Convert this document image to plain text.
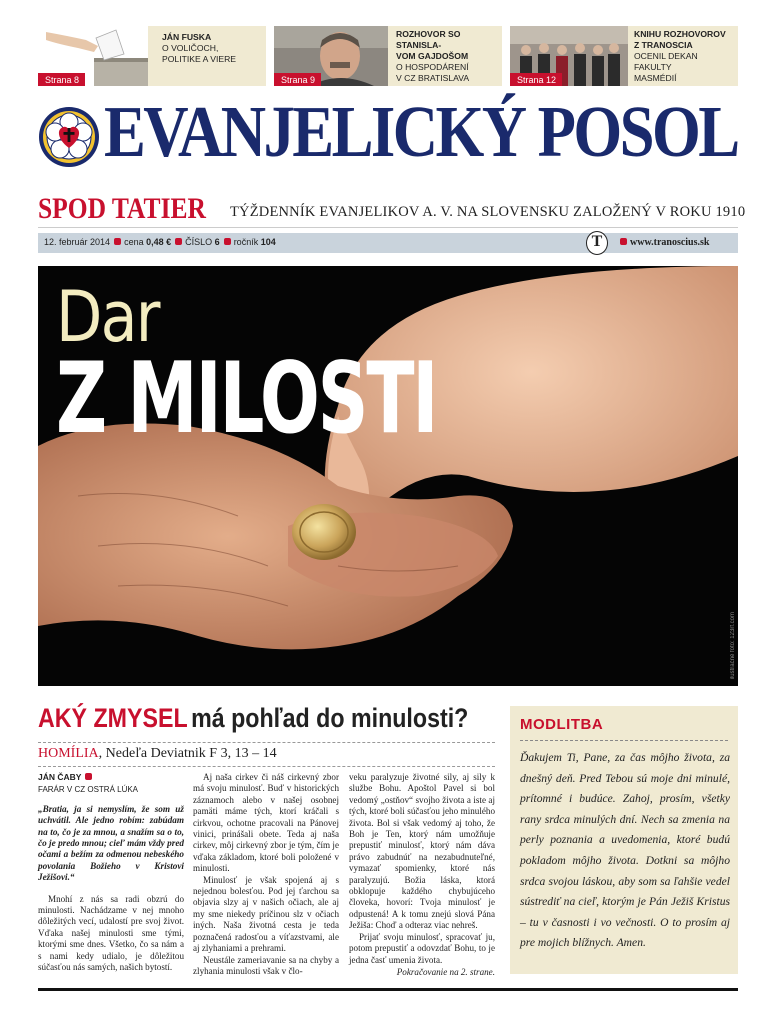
Strana 8
JÁN FUSKA
O VOLIČOCH,
POLITIKE A VIERE
Strana 9
ROZHOVOR SO STANISLA-
VOM GAJDOŠOM
O HOSPODÁRENÍ
V CZ BRATISLAVA	Strana 12
KNIHU ROZHOVOROV
Z TRANOSCIA
OCENIL DEKAN FAKULTY
MASMÉDIÍ
EVANJELICKÝ POSOL
SPOD TATIER TÝŽDENNÍK EVANJELIKOV A. V. NA SLOVENSKU ZALOŽENÝ V ROKU 1910
12. február 2014 cena 0,48 € ČÍSLO 6 ročník 104	T	www.tranoscius.sk
Dar
Z MILOSTI
ilustračné foto: 123rf.com
AKÝ ZMYSEL má pohľad do minulosti?
HOMÍLIA, Nedeľa Deviatnik F 3, 13 – 14
JÁN ČABY
FARÁR V CZ OSTRÁ LÚKA
„Bratia, ja si nemyslím, že som už uchvátil. Ale jedno robím: zabúdam na to, čo je za mnou, a snažím sa o to, čo je predo mnou; cieľ mám vždy pred očami a bežím za odmenou nebeského povolania Božieho v Kristovi Ježišovi.“
Mnohí z nás sa radi obzrú do minulosti. Nachádzame v nej mnoho dôležitých vecí, udalostí pre svoj život. Vďaka našej minulosti sme tými, ktorými sme dnes. Všetko, čo sa nám a s nami kedy udialo, je dôležitou súčasťou nás samých, našich bytostí.
Aj naša cirkev či náš cirkevný zbor má svoju minulosť. Buď v historických záznamoch alebo v našej osobnej pamäti máme tých, ktorí kráčali s cirkvou, ochotne pracovali na Pánovej vinici, prinášali obete. Teda aj naša cirkev, môj cirkevný zbor je tým, čím je vďaka základom, ktoré boli položené v minulosti.
Minulosť je však spojená aj s nejednou bolesťou. Pod jej ťarchou sa objavia slzy aj v našich očiach, ale aj my sme niekedy príčinou slz v očiach iných. Naša životná cesta je teda poznačená radosťou a víťazstvami, ale aj zlyhaniami a prehrami.
Neustále zameriavanie sa na chyby a zlyhania minulosti však v člo-
veku paralyzuje životné sily, aj sily k službe Bohu. Apoštol Pavel si bol vedomý „ostňov“ svojho života a iste aj tých, ktoré boli súčasťou jeho minulého života. Bol si však vedomý aj toho, že Boh je Ten, ktorý nám umožňuje prepustiť minulosť, ktorý nám dáva právo zabudnúť na nezabudnuteľné, vymazať spomienky, ktoré nás paralyzujú. Božia láska, ktorá obklopuje každého chybujúceho človeka, hovorí: Tvoja minulosť je odpustená! A k tomu znejú slová Pána Ježiša: Choď a odteraz viac nehreš.
Prijať svoju minulosť, spracovať ju, potom prepustiť a odovzdať Bohu, to je jedna časť umenia života.
Pokračovanie na 2. strane.
MODLITBA
Ďakujem Ti, Pane, za čas môjho života, za dnešný deň. Pred Tebou sú moje dni minulé, prítomné i budúce. Zahoj, prosím, všetky rany srdca minulých dní. Nech sa zmenia na perly poznania a uvedomenia, ktoré budú pokladom môjho života. Dotkni sa môjho srdca svojou láskou, aby som sa ľahšie vedel sústrediť na cieľ, ktorým je Pán Ježiš Kristus – tu v časnosti i vo večnosti. O to prosím aj pre mojich blížnych. Amen.
